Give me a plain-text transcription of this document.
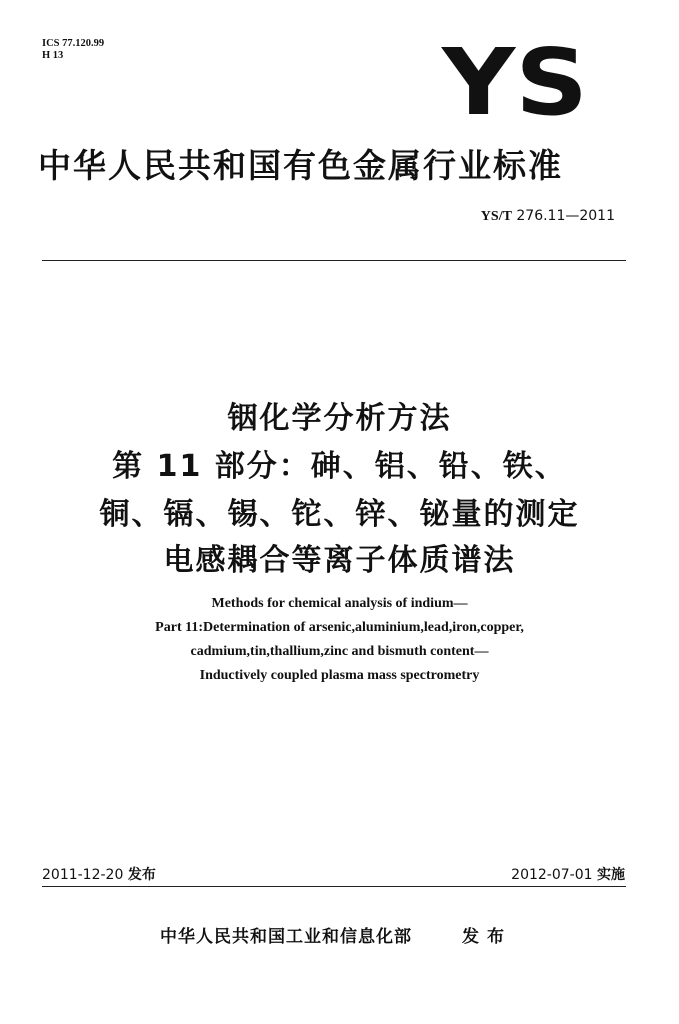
ICS 77.120.99
H 13	YS
中华人民共和国有色金属行业标准
YS/T 276.11—2011
铟化学分析方法
第 11 部分：砷、铝、铅、铁、
铜、镉、锡、铊、锌、铋量的测定
电感耦合等离子体质谱法
Methods for chemical analysis of indium—
Part 11:Determination of arsenic,aluminium,lead,iron,copper,
cadmium,tin,thallium,zinc and bismuth content—
Inductively coupled plasma mass spectrometry
2011-12-20 发布	2012-07-01 实施
中华人民共和国工业和信息化部	发布
